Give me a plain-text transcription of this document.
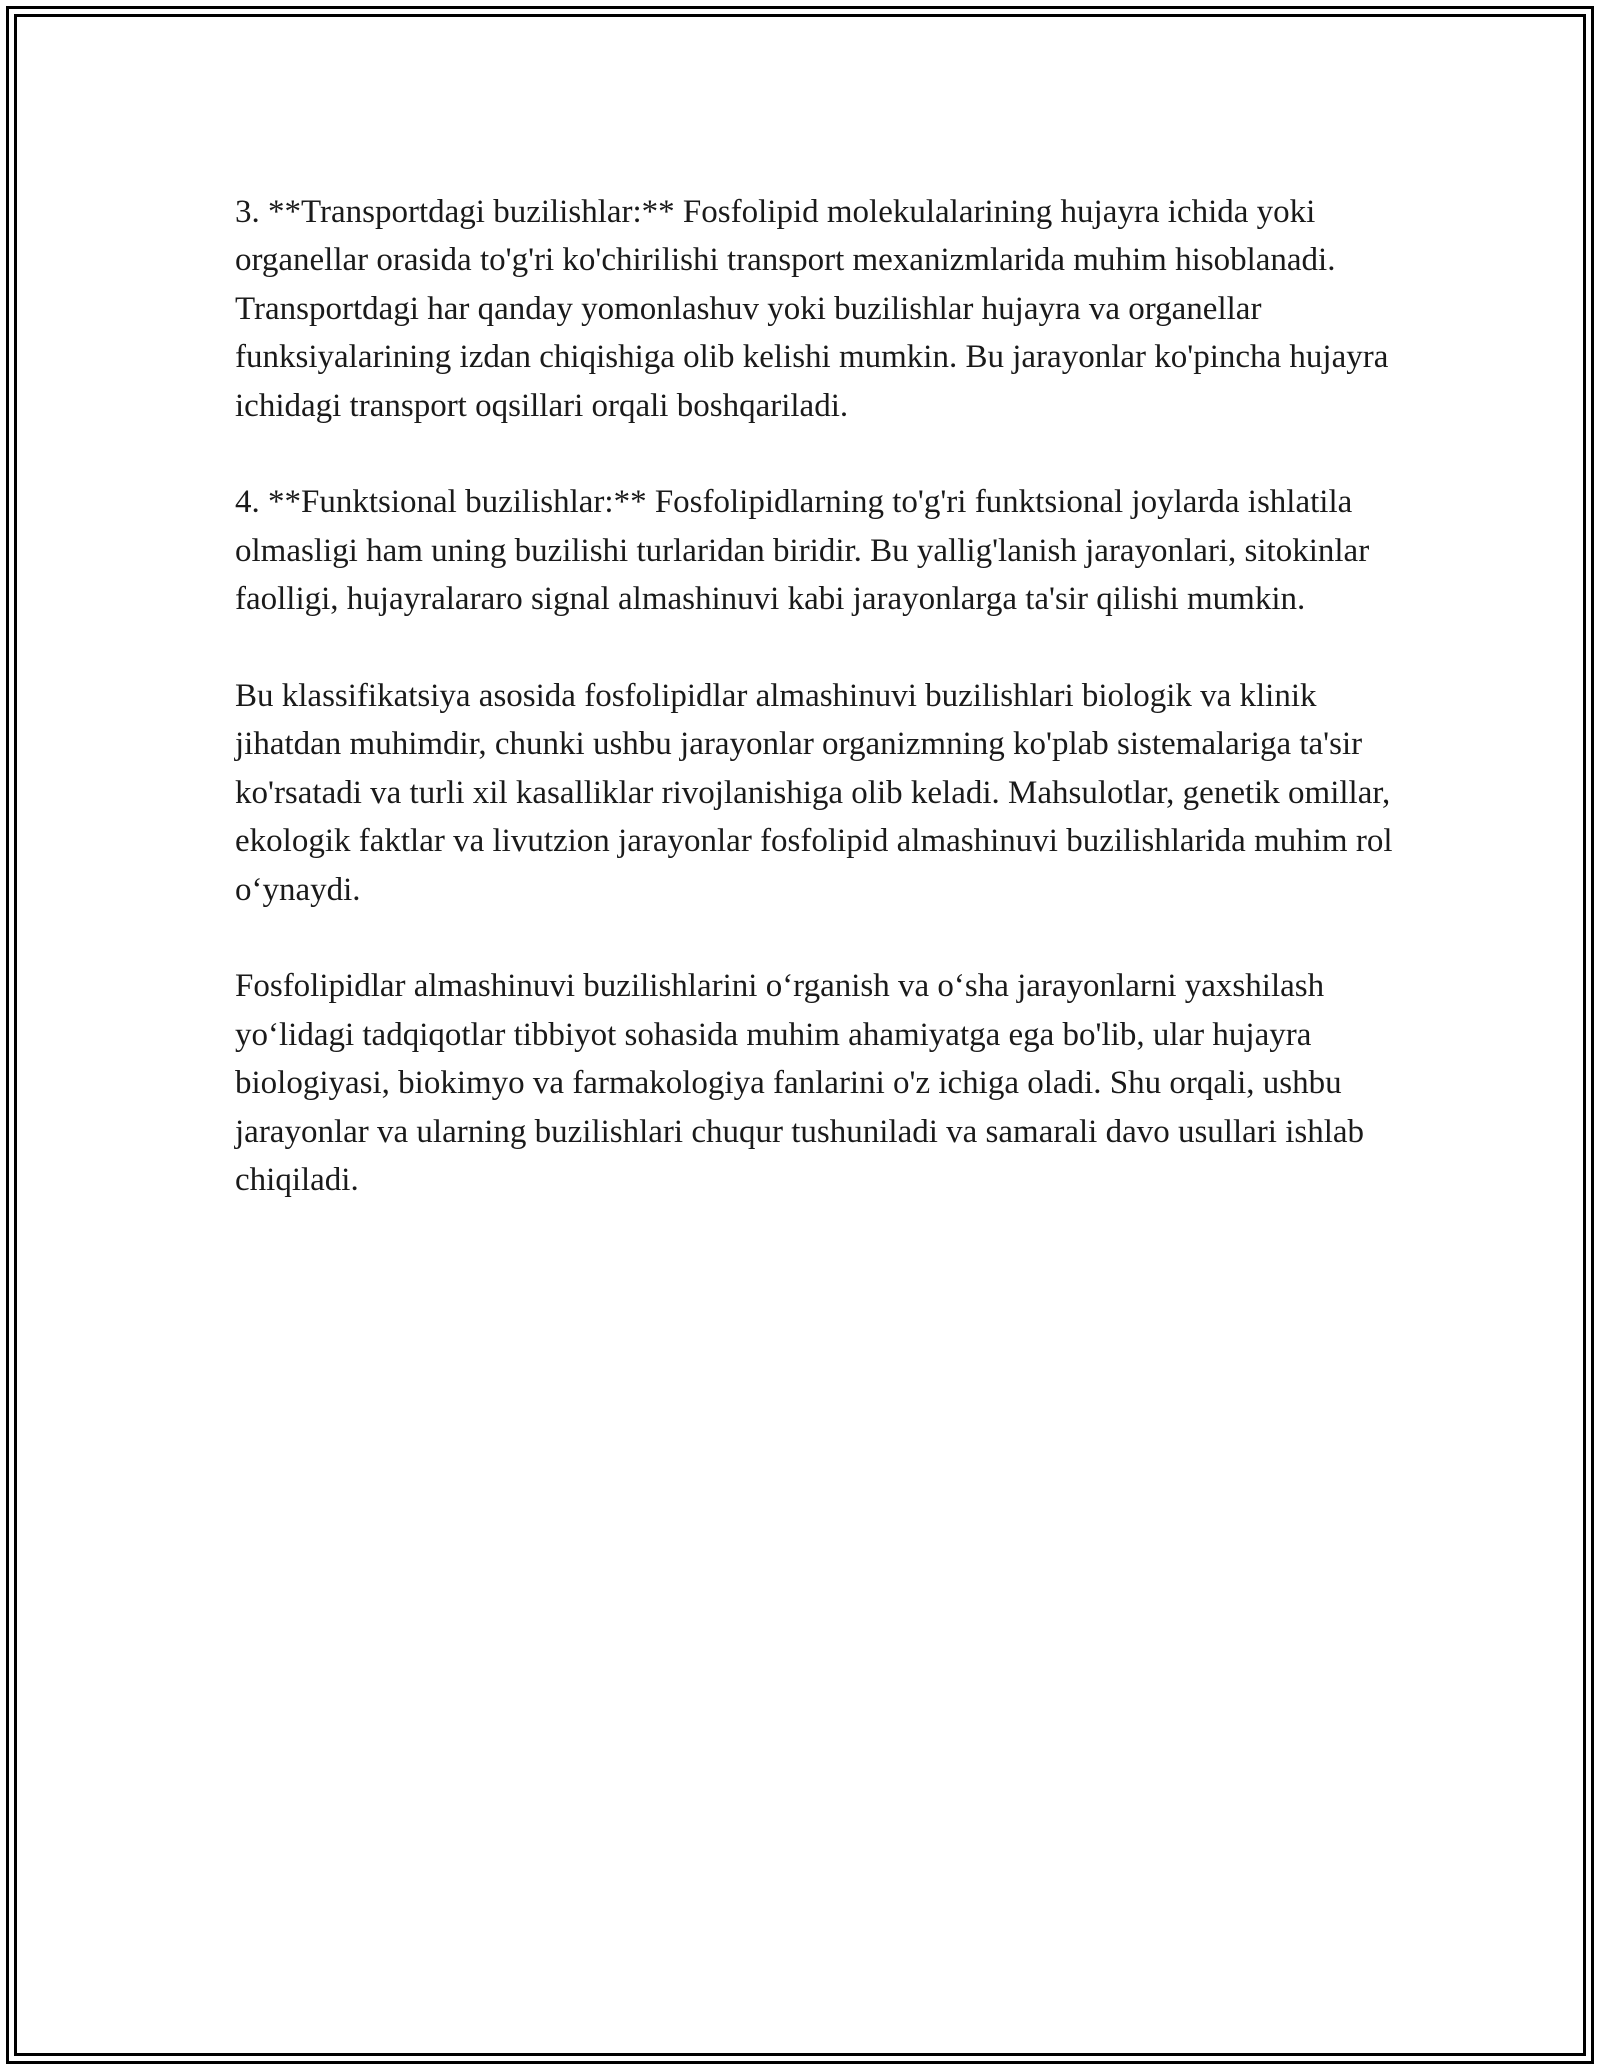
3. **Transportdagi buzilishlar:** Fosfolipid molekulalarining hujayra ichida yoki organellar orasida to'g'ri ko'chirilishi transport mexanizmlarida muhim hisoblanadi. Transportdagi har qanday yomonlashuv yoki buzilishlar hujayra va organellar funksiyalarining izdan chiqishiga olib kelishi mumkin. Bu jarayonlar ko'pincha hujayra ichidagi transport oqsillari orqali boshqariladi.

4. **Funktsional buzilishlar:** Fosfolipidlarning to'g'ri funktsional joylarda ishlatila olmasligi ham uning buzilishi turlaridan biridir. Bu yallig'lanish jarayonlari, sitokinlar faolligi, hujayralararo signal almashinuvi kabi jarayonlarga ta'sir qilishi mumkin.

Bu klassifikatsiya asosida fosfolipidlar almashinuvi buzilishlari biologik va klinik jihatdan muhimdir, chunki ushbu jarayonlar organizmning ko'plab sistemalariga ta'sir ko'rsatadi va turli xil kasalliklar rivojlanishiga olib keladi. Mahsulotlar, genetik omillar, ekologik faktlar va livutzion jarayonlar fosfolipid almashinuvi buzilishlarida muhim rol o‘ynaydi.

Fosfolipidlar almashinuvi buzilishlarini o‘rganish va o‘sha jarayonlarni yaxshilash yo‘lidagi tadqiqotlar tibbiyot sohasida muhim ahamiyatga ega bo'lib, ular hujayra biologiyasi, biokimyo va farmakologiya fanlarini o'z ichiga oladi. Shu orqali, ushbu jarayonlar va ularning buzilishlari chuqur tushuniladi va samarali davo usullari ishlab chiqiladi.
